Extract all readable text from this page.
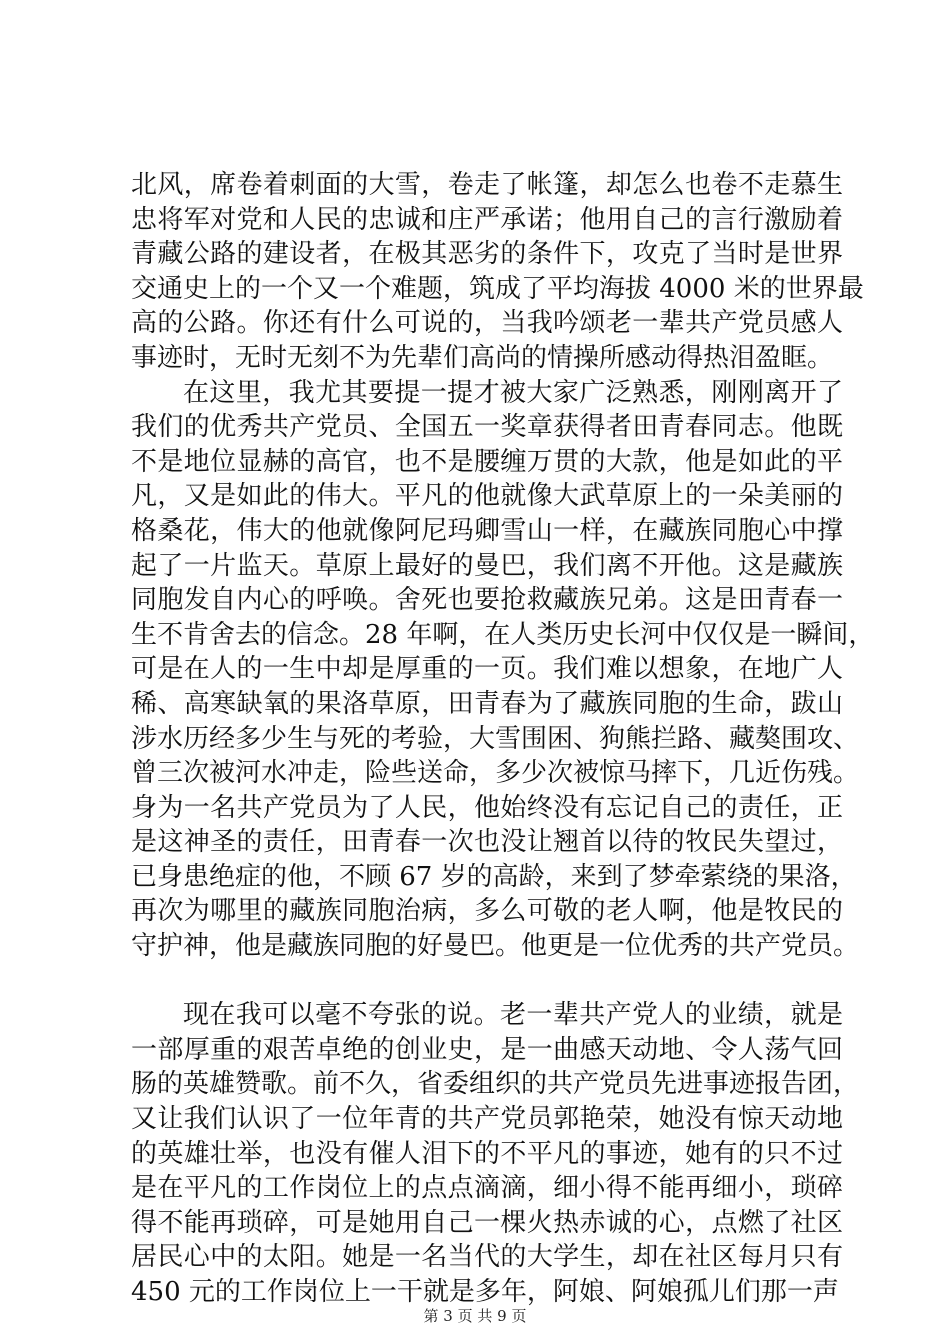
北风，席卷着刺面的大雪，卷走了帐篷，却怎么也卷不走慕生
忠将军对党和人民的忠诚和庄严承诺；他用自己的言行激励着
青藏公路的建设者，在极其恶劣的条件下，攻克了当时是世界
交通史上的一个又一个难题，筑成了平均海拔 4000 米的世界最
高的公路。你还有什么可说的，当我吟颂老一辈共产党员感人
事迹时，无时无刻不为先辈们高尚的情操所感动得热泪盈眶。
在这里，我尤其要提一提才被大家广泛熟悉，刚刚离开了
我们的优秀共产党员、全国五一奖章获得者田青春同志。他既
不是地位显赫的高官，也不是腰缠万贯的大款，他是如此的平
凡，又是如此的伟大。平凡的他就像大武草原上的一朵美丽的
格桑花，伟大的他就像阿尼玛卿雪山一样，在藏族同胞心中撑
起了一片监天。草原上最好的曼巴，我们离不开他。这是藏族
同胞发自内心的呼唤。舍死也要抢救藏族兄弟。这是田青春一
生不肯舍去的信念。28 年啊，在人类历史长河中仅仅是一瞬间，
可是在人的一生中却是厚重的一页。我们难以想象，在地广人
稀、高寒缺氧的果洛草原，田青春为了藏族同胞的生命，跋山
涉水历经多少生与死的考验，大雪围困、狗熊拦路、藏獒围攻、
曾三次被河水冲走，险些送命，多少次被惊马摔下，几近伤残。
身为一名共产党员为了人民，他始终没有忘记自己的责任，正
是这神圣的责任，田青春一次也没让翘首以待的牧民失望过，
已身患绝症的他，不顾 67 岁的高龄，来到了梦牵萦绕的果洛，
再次为哪里的藏族同胞治病，多么可敬的老人啊，他是牧民的
守护神，他是藏族同胞的好曼巴。他更是一位优秀的共产党员。
现在我可以毫不夸张的说。老一辈共产党人的业绩，就是
一部厚重的艰苦卓绝的创业史，是一曲感天动地、令人荡气回
肠的英雄赞歌。前不久，省委组织的共产党员先进事迹报告团，
又让我们认识了一位年青的共产党员郭艳荣，她没有惊天动地
的英雄壮举，也没有催人泪下的不平凡的事迹，她有的只不过
是在平凡的工作岗位上的点点滴滴，细小得不能再细小，琐碎
得不能再琐碎，可是她用自己一棵火热赤诚的心，点燃了社区
居民心中的太阳。她是一名当代的大学生，却在社区每月只有
450 元的工作岗位上一干就是多年，阿娘、阿娘孤儿们那一声
第 3 页 共 9 页
